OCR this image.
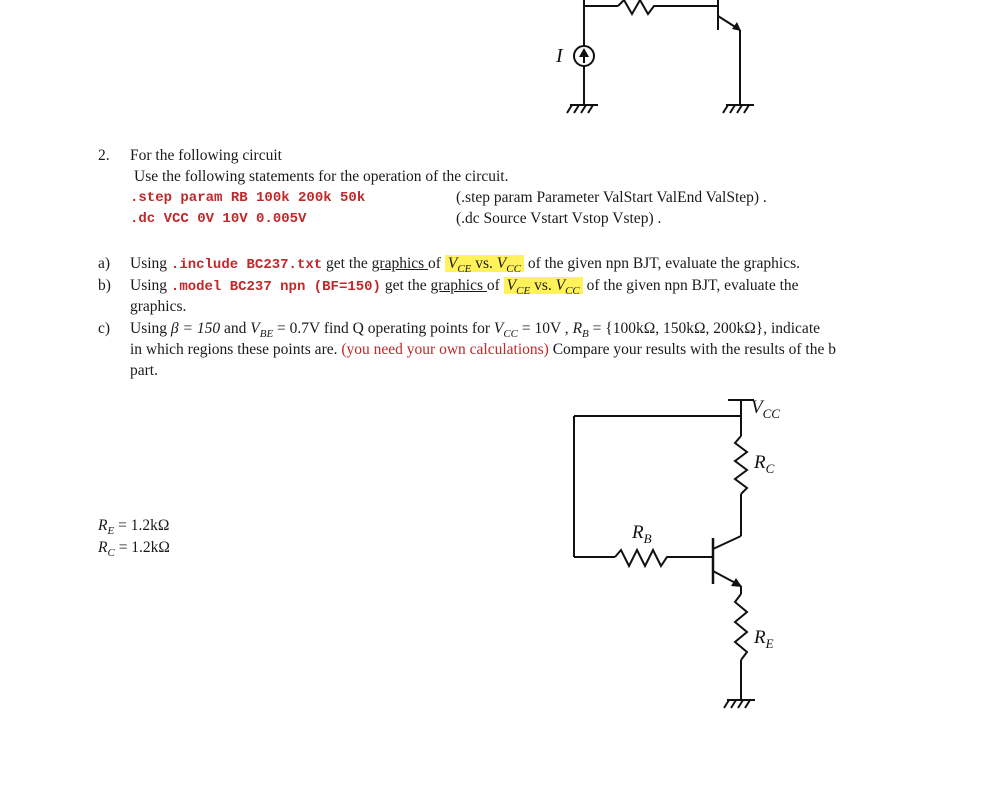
I
2. For the following circuit
Use the following statements for the operation of the circuit.
.step param RB 100k 200k 50k	(.step param Parameter ValStart ValEnd ValStep) .
.dc VCC 0V 10V 0.005V	(.dc Source Vstart Vstop Vstep) .
a) Using .include BC237.txt get the graphics of $V_{CE}$ vs. $V_{CC}$ of the given npn BJT, evaluate the graphics.
b) Using .model BC237 npn (BF=150) get the graphics of $V_{CE}$ vs. $V_{CC}$ of the given npn BJT, evaluate the
graphics.
c) Using β = 150 and $V_{BE} = 0.7V$ find Q operating points for $V_{CC} = 10V$ , $R_B = \{100k\Omega$, 150kΩ, 200kΩ}, indicate
in which regions these points are. (you need your own calculations) Compare your results with the results of the b
part.
$R_E = 1.2k\Omega$
$R_C = 1.2k\Omega$
$V_{CC}$
$R_C$
$R_B$
$R_E$
